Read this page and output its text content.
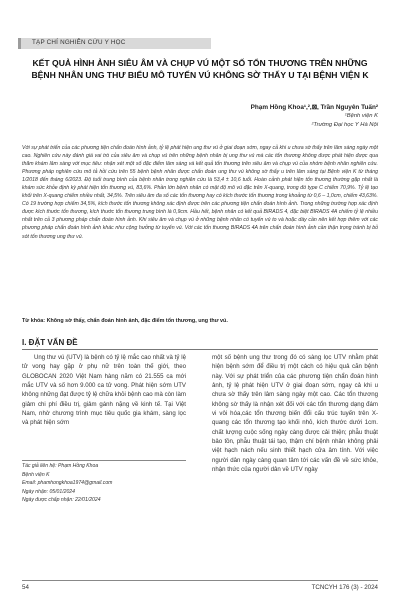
TẠP CHÍ NGHIÊN CỨU Y HỌC
KẾT QUẢ HÌNH ẢNH SIÊU ÂM VÀ CHỤP VÚ MỘT SỐ TỔN THƯƠNG TRÊN NHỮNG BỆNH NHÂN UNG THƯ BIỂU MÔ TUYẾN VÚ KHÔNG SỜ THẤY U TẠI BỆNH VIỆN K
Phạm Hồng Khoa¹,²,⊠, Trần Nguyên Tuấn²
¹Bệnh viện K
²Trường Đại học Y Hà Nội
Với sự phát triển của các phương tiện chẩn đoán hình ảnh, tỷ lệ phát hiện ung thư vú ở giai đoạn sớm, ngay cả khi u chưa sờ thấy trên lâm sàng ngày một cao. Nghiên cứu này đánh giá vai trò của siêu âm và chụp vú trên những bệnh nhân bị ung thư vú mà các tổn thương không được phát hiện được qua thăm khám lâm sàng với mục tiêu: nhận xét một số đặc điểm lâm sàng và kết quả tổn thương trên siêu âm và chụp vú của nhóm bệnh nhân nghiên cứu. Phương pháp nghiên cứu mô tả hồi cứu trên 55 bệnh bệnh nhân được chẩn đoán ung thư vú không sờ thấy u trên lâm sàng tại Bệnh viện K từ tháng 1/2018 đến tháng 6/2023. Độ tuổi trung bình của bệnh nhân trong nghiên cứu là 53,4 ± 10,6 tuổi. Hoàn cảnh phát hiện tổn thương thường gặp nhất là khám sức khỏe định kỳ phát hiện tổn thương vú, 83,6%. Phần lớn bệnh nhân có mật độ mô vú đặc trên X-quang, trong đó type C chiếm 70,9%. Tỷ lệ tạo khối trên X-quang chiếm nhiều nhất, 34,5%. Trên siêu âm đa số các tổn thương hay có kích thước tổn thương trong khoảng từ 0,6 – 1,0cm, chiếm 43,63%. Có 19 trường hợp chiếm 34,5%, kích thước tổn thương không xác định được trên các phương tiện chẩn đoán hình ảnh. Trong những trường hợp xác định được kích thước tổn thương, kích thước tổn thương trung bình là 0,9cm. Hầu hết, bệnh nhân có kết quả BIRADS 4, đặc biệt BIRADS 4A chiếm tỷ lệ nhiều nhất trên cả 3 phương pháp chẩn đoán hình ảnh. Khi siêu âm và chụp vú ở những bệnh nhân có tuyến vú to và hoặc dày cần nên kết hợp thêm với các phương pháp chẩn đoán hình ảnh khác như cộng hưởng từ tuyến vú. Với các tổn thương BIRADS 4A trên chẩn đoán hình ảnh cần thận trọng tránh bị bỏ sót tổn thương ung thư vú.
Từ khóa: Không sờ thấy, chẩn đoán hình ảnh, đặc điểm tổn thương, ung thư vú.
I. ĐẶT VẤN ĐỀ

Ung thư vú (UTV) là bệnh có tỷ lệ mắc cao nhất và tỷ lệ tử vong hay gặp ở phụ nữ trên toàn thế giới, theo GLOBOCAN 2020 Việt Nam hàng năm có 21.555 ca mới mắc UTV và số hơn 9.000 ca tử vong. Phát hiện sớm UTV không những đạt được tỷ lệ chữa khỏi bệnh cao mà còn làm giảm chi phí điều trị, giảm gánh nặng về kinh tế. Tại Việt Nam, nhờ chương trình mục tiêu quốc gia khám, sàng lọc và phát hiện sớm

Tác giả liên hệ: Phạm Hồng Khoa
Bệnh viện K
Email: phamhongkhoa1974@gmail.com
Ngày nhận: 05/01/2024
Ngày được chấp nhận: 22/01/2024

một số bệnh ung thư trong đó có sàng lọc UTV nhằm phát hiện bệnh sớm để điều trị một cách có hiệu quả căn bệnh này. Với sự phát triển của các phương tiện chẩn đoán hình ảnh, tỷ lệ phát hiện UTV ở giai đoạn sớm, ngay cả khi u chưa sờ thấy trên lâm sàng ngày một cao. Các tổn thương không sờ thấy là nhận xét đối với các tổn thương dạng đám vi vôi hóa,các tổn thương biến đổi cấu trúc tuyến trên X-quang các tổn thương tạo khối nhỏ, kích thước dưới 1cm. chất lượng cuộc sống ngày càng được cải thiện; phẫu thuật bảo tồn, phẫu thuật tái tạo, thậm chí bệnh nhân không phải việt hạch nách nếu sinh thiết hạch cửa âm tính. Với việc người dân ngày càng quan tâm tới các vấn đề về sức khỏe, nhận thức của người dân về UTV ngày

54	TCNCYH 176 (3) - 2024
